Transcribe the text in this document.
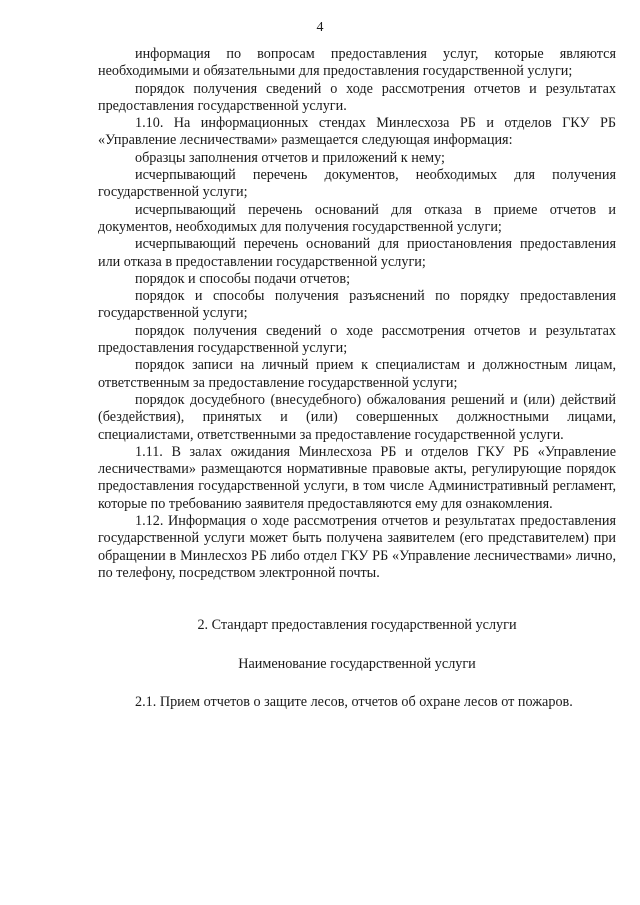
4

информация по вопросам предоставления услуг, которые являются необходимыми и обязательными для предоставления государственной услуги;

порядок получения сведений о ходе рассмотрения отчетов и результатах предоставления государственной услуги.

1.10. На информационных стендах Минлесхоза РБ и отделов ГКУ РБ «Управление лесничествами» размещается следующая информация:

образцы заполнения отчетов и приложений к нему;

исчерпывающий перечень документов, необходимых для получения государственной услуги;

исчерпывающий перечень оснований для отказа в приеме отчетов и документов, необходимых для получения государственной услуги;

исчерпывающий перечень оснований для приостановления предоставления или отказа в предоставлении государственной услуги;

порядок и способы подачи отчетов;

порядок и способы получения разъяснений по порядку предоставления государственной услуги;

порядок получения сведений о ходе рассмотрения отчетов и результатах предоставления государственной услуги;

порядок записи на личный прием к специалистам и должностным лицам, ответственным за предоставление государственной услуги;

порядок досудебного (внесудебного) обжалования решений и (или) действий (бездействия), принятых и (или) совершенных должностными лицами, специалистами, ответственными за предоставление государственной услуги.

1.11. В залах ожидания Минлесхоза РБ и отделов ГКУ РБ «Управление лесничествами» размещаются нормативные правовые акты, регулирующие порядок предоставления государственной услуги, в том числе Административный регламент, которые по требованию заявителя предоставляются ему для ознакомления.

1.12. Информация о ходе рассмотрения отчетов и результатах предоставления государственной услуги может быть получена заявителем (его представителем) при обращении в Минлесхоз РБ либо отдел ГКУ РБ «Управление лесничествами» лично, по телефону, посредством электронной почты.

2. Стандарт предоставления государственной услуги

Наименование государственной услуги

2.1. Прием отчетов о защите лесов, отчетов об охране лесов от пожаров.
